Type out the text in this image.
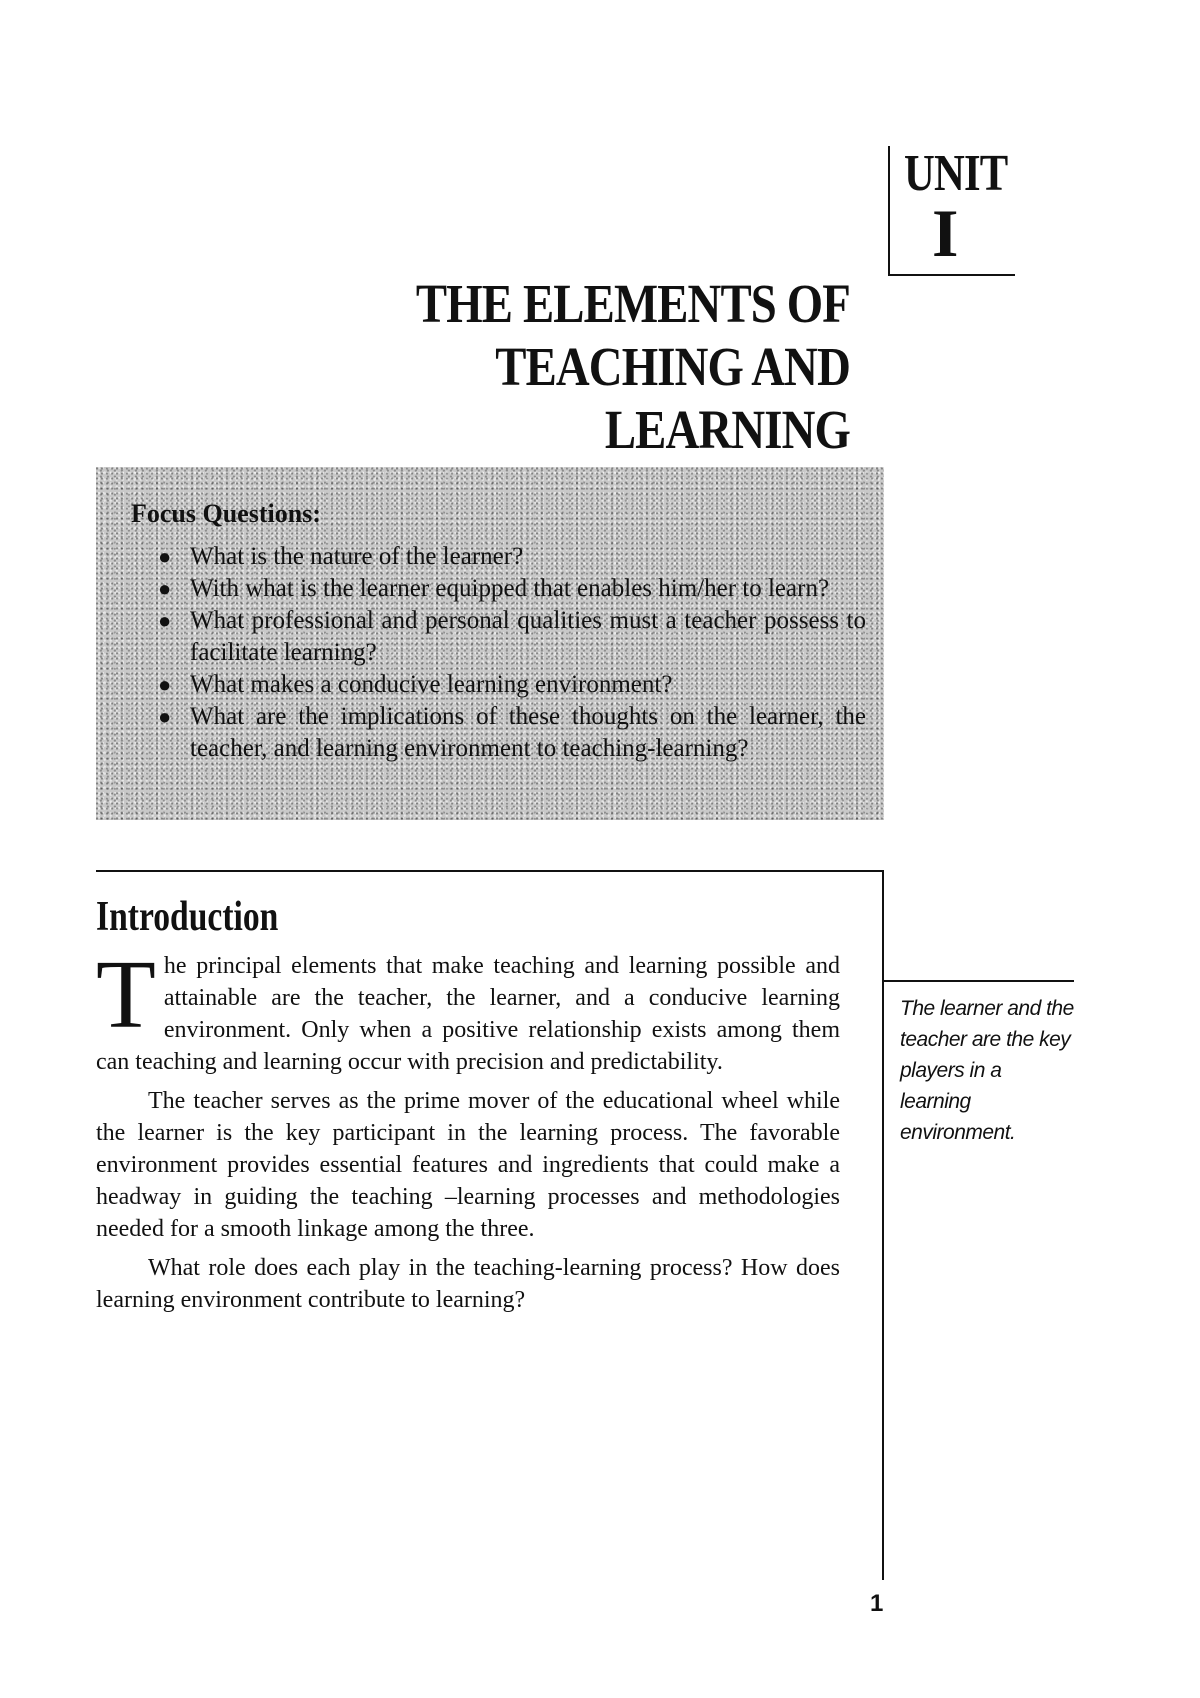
UNIT
I
THE ELEMENTS OF
TEACHING AND LEARNING
Focus Questions:
● What is the nature of the learner?
● With what is the learner equipped that enables him/her to learn?
● What professional and personal qualities must a teacher possess to facilitate learning?
● What makes a conducive learning environment?
● What are the implications of these thoughts on the learner, the teacher, and learning environment to teaching-learning?
Introduction

The principal elements that make teaching and learning possible and attainable are the teacher, the learner, and a conducive learning environment. Only when a positive relationship exists among them can teaching and learning occur with precision and predictability.

The teacher serves as the prime mover of the educational wheel while the learner is the key participant in the learning process. The favorable environment provides essential features and ingredients that could make a headway in guiding the teaching –learning processes and methodologies needed for a smooth linkage among the three.

What role does each play in the teaching-learning process? How does learning environment contribute to learning?

The learner and the teacher are the key players in a learning environment.
1
